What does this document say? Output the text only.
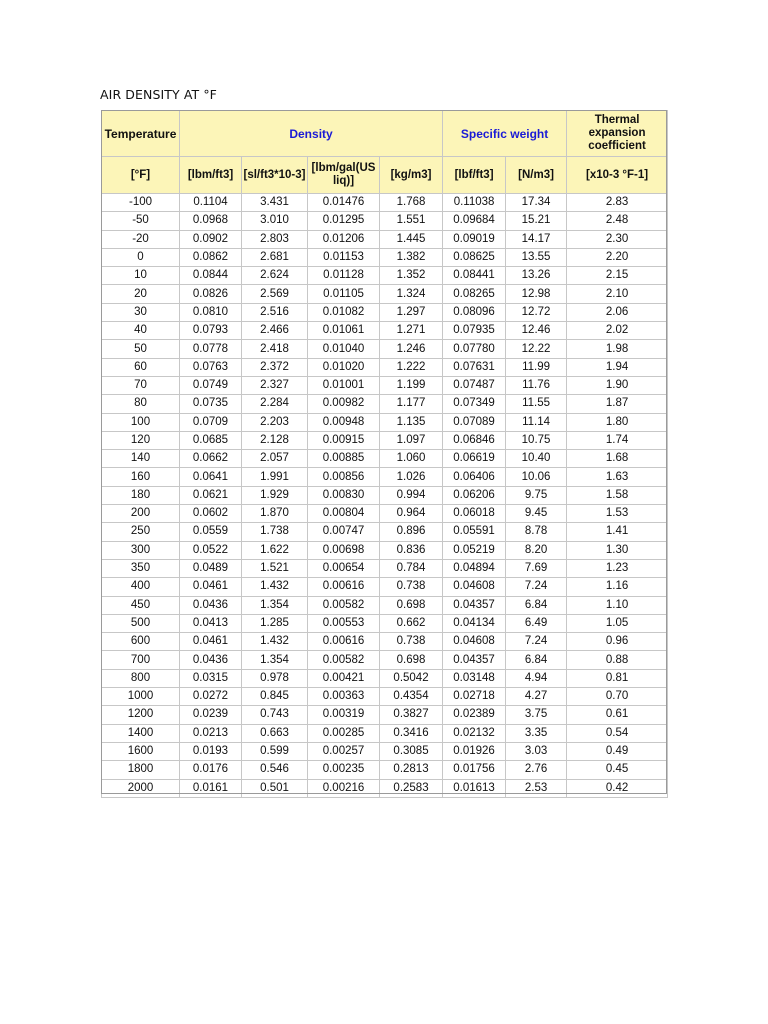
AIR DENSITY AT °F
Temperature	Density				Specific weight		Thermal expansion coefficient
[°F]	[lbm/ft3]	[sl/ft3*10-3]	[lbm/gal(US liq)]	[kg/m3]	[lbf/ft3]	[N/m3]	[x10-3 °F-1]
-100	0.1104	3.431	0.01476	1.768	0.11038	17.34	2.83
-50	0.0968	3.010	0.01295	1.551	0.09684	15.21	2.48
-20	0.0902	2.803	0.01206	1.445	0.09019	14.17	2.30
0	0.0862	2.681	0.01153	1.382	0.08625	13.55	2.20
10	0.0844	2.624	0.01128	1.352	0.08441	13.26	2.15
20	0.0826	2.569	0.01105	1.324	0.08265	12.98	2.10
30	0.0810	2.516	0.01082	1.297	0.08096	12.72	2.06
40	0.0793	2.466	0.01061	1.271	0.07935	12.46	2.02
50	0.0778	2.418	0.01040	1.246	0.07780	12.22	1.98
60	0.0763	2.372	0.01020	1.222	0.07631	11.99	1.94
70	0.0749	2.327	0.01001	1.199	0.07487	11.76	1.90
80	0.0735	2.284	0.00982	1.177	0.07349	11.55	1.87
100	0.0709	2.203	0.00948	1.135	0.07089	11.14	1.80
120	0.0685	2.128	0.00915	1.097	0.06846	10.75	1.74
140	0.0662	2.057	0.00885	1.060	0.06619	10.40	1.68
160	0.0641	1.991	0.00856	1.026	0.06406	10.06	1.63
180	0.0621	1.929	0.00830	0.994	0.06206	9.75	1.58
200	0.0602	1.870	0.00804	0.964	0.06018	9.45	1.53
250	0.0559	1.738	0.00747	0.896	0.05591	8.78	1.41
300	0.0522	1.622	0.00698	0.836	0.05219	8.20	1.30
350	0.0489	1.521	0.00654	0.784	0.04894	7.69	1.23
400	0.0461	1.432	0.00616	0.738	0.04608	7.24	1.16
450	0.0436	1.354	0.00582	0.698	0.04357	6.84	1.10
500	0.0413	1.285	0.00553	0.662	0.04134	6.49	1.05
600	0.0461	1.432	0.00616	0.738	0.04608	7.24	0.96
700	0.0436	1.354	0.00582	0.698	0.04357	6.84	0.88
800	0.0315	0.978	0.00421	0.5042	0.03148	4.94	0.81
1000	0.0272	0.845	0.00363	0.4354	0.02718	4.27	0.70
1200	0.0239	0.743	0.00319	0.3827	0.02389	3.75	0.61
1400	0.0213	0.663	0.00285	0.3416	0.02132	3.35	0.54
1600	0.0193	0.599	0.00257	0.3085	0.01926	3.03	0.49
1800	0.0176	0.546	0.00235	0.2813	0.01756	2.76	0.45
2000	0.0161	0.501	0.00216	0.2583	0.01613	2.53	0.42
